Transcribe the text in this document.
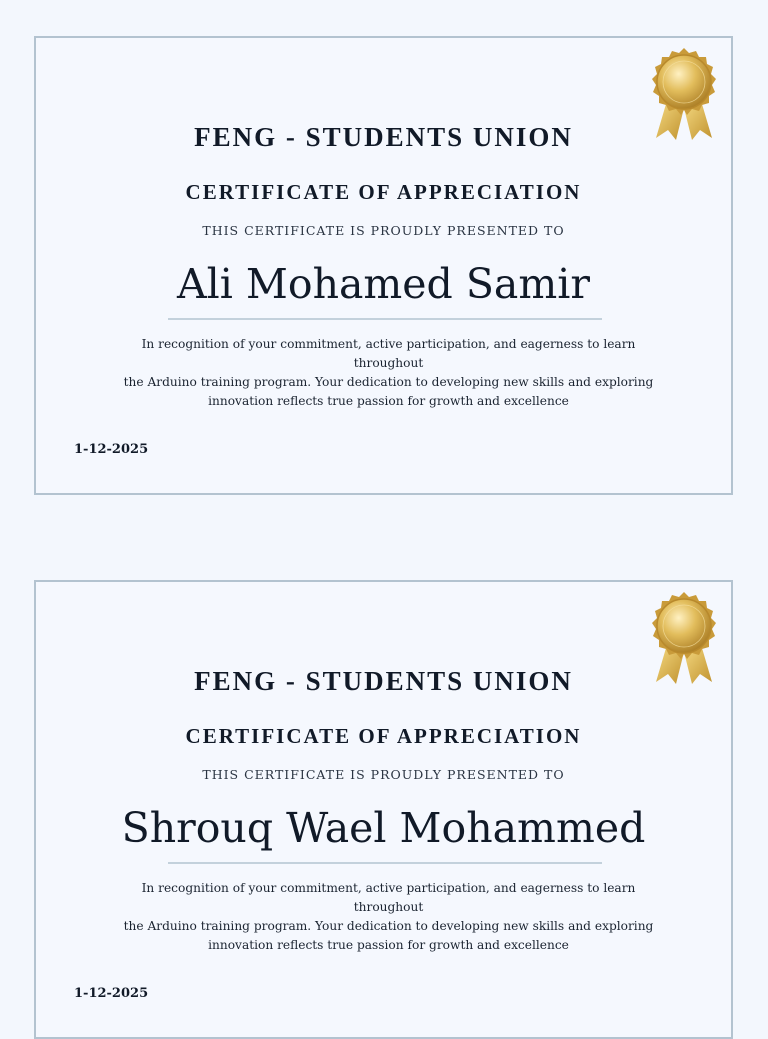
FENG - STUDENTS UNION
CERTIFICATE OF APPRECIATION
THIS CERTIFICATE IS PROUDLY PRESENTED TO
Ali Mohamed Samir
In recognition of your commitment, active participation, and eagerness to learn throughout
the Arduino training program. Your dedication to developing new skills and exploring
innovation reflects true passion for growth and excellence
1-12-2025
FENG - STUDENTS UNION
CERTIFICATE OF APPRECIATION
THIS CERTIFICATE IS PROUDLY PRESENTED TO
Shrouq Wael Mohammed
In recognition of your commitment, active participation, and eagerness to learn throughout
the Arduino training program. Your dedication to developing new skills and exploring
innovation reflects true passion for growth and excellence
1-12-2025
